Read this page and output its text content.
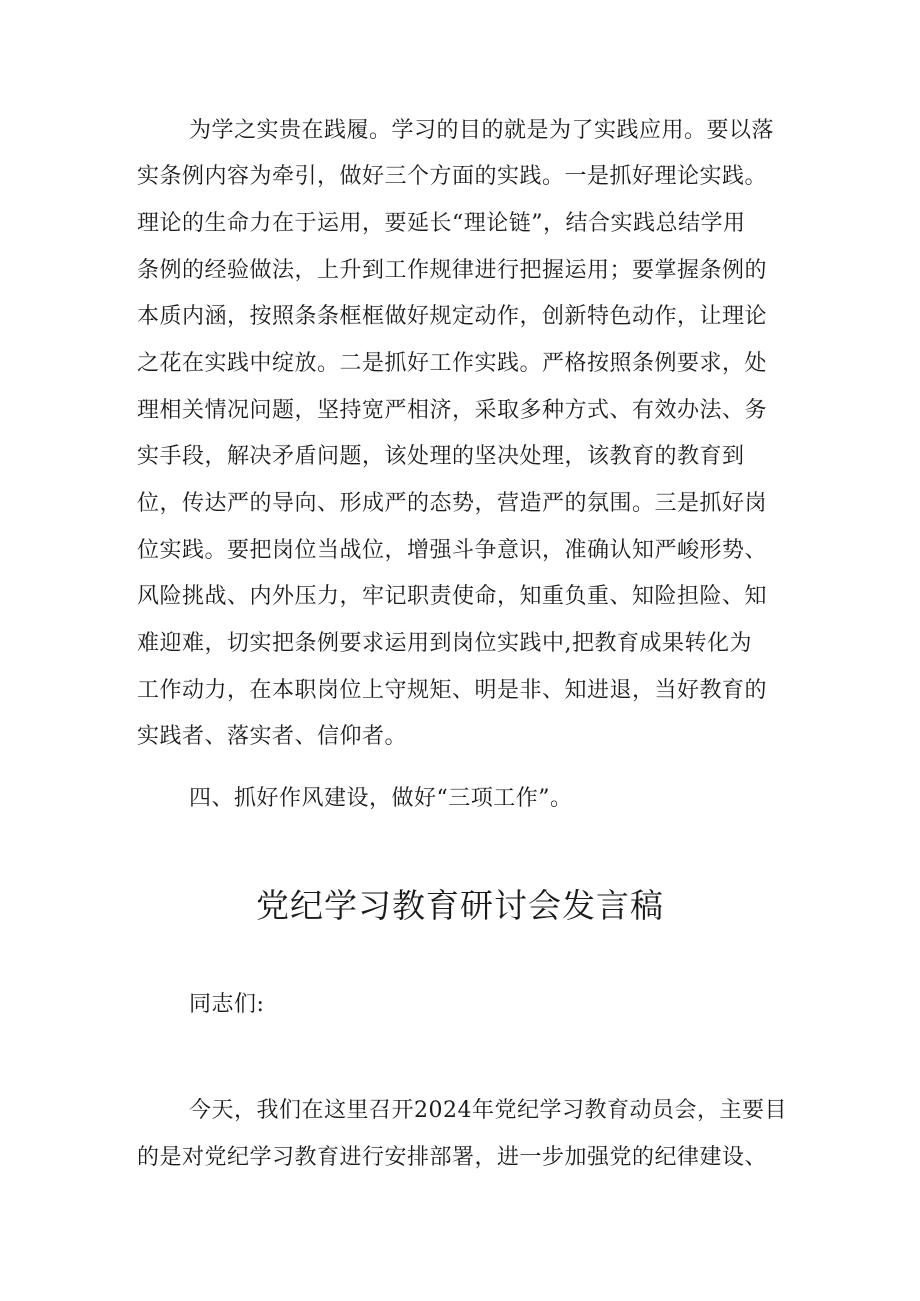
为学之实贵在践履。学习的目的就是为了实践应用。要以落
实条例内容为牵引，做好三个方面的实践。一是抓好理论实践。
理论的生命力在于运用，要延长“理论链”，结合实践总结学用
条例的经验做法，上升到工作规律进行把握运用；要掌握条例的
本质内涵，按照条条框框做好规定动作，创新特色动作，让理论
之花在实践中绽放。二是抓好工作实践。严格按照条例要求，处
理相关情况问题，坚持宽严相济，采取多种方式、有效办法、务
实手段，解决矛盾问题，该处理的坚决处理，该教育的教育到
位，传达严的导向、形成严的态势，营造严的氛围。三是抓好岗
位实践。要把岗位当战位，增强斗争意识，准确认知严峻形势、
风险挑战、内外压力，牢记职责使命，知重负重、知险担险、知
难迎难，切实把条例要求运用到岗位实践中,把教育成果转化为
工作动力，在本职岗位上守规矩、明是非、知进退，当好教育的
实践者、落实者、信仰者。
四、抓好作风建设，做好“三项工作”。
党纪学习教育研讨会发言稿
同志们:
今天，我们在这里召开2024年党纪学习教育动员会，主要目
的是对党纪学习教育进行安排部署，进一步加强党的纪律建设、
